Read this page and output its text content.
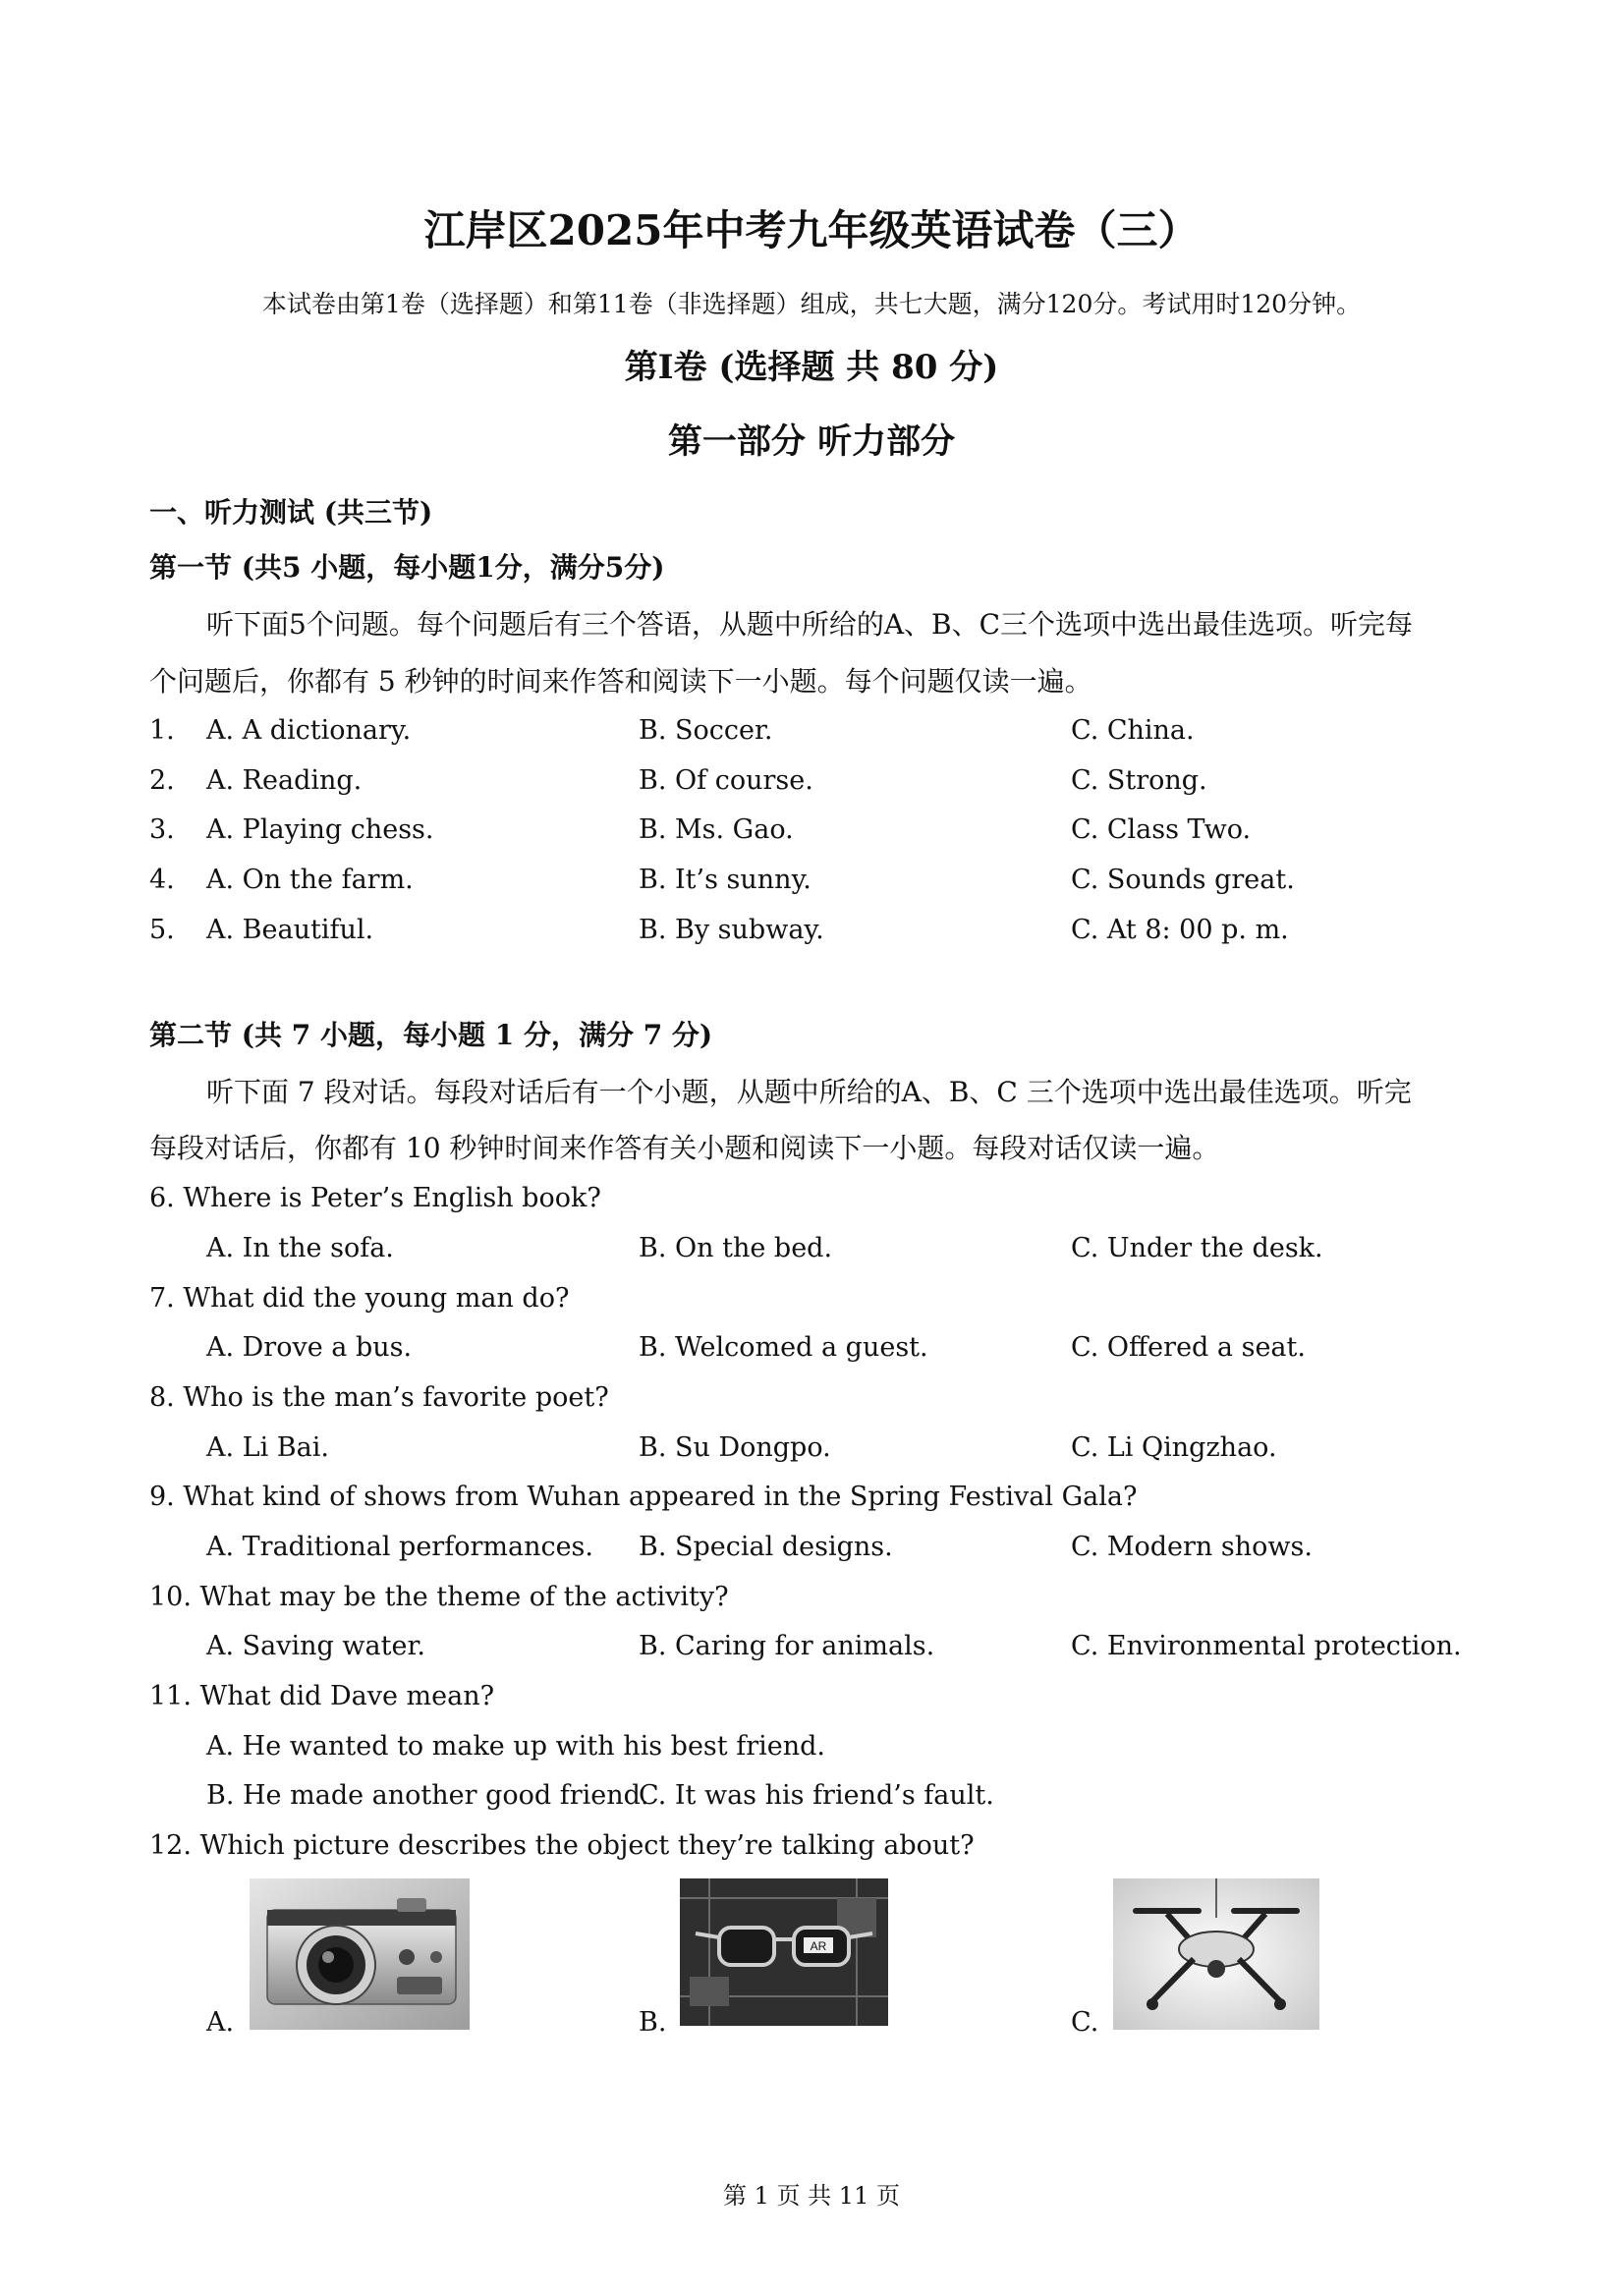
江岸区2025年中考九年级英语试卷（三）
本试卷由第1卷（选择题）和第11卷（非选择题）组成，共七大题，满分120分。考试用时120分钟。
第Ⅰ卷 (选择题 共 80 分)
第一部分 听力部分
一、听力测试 (共三节)
第一节 (共5 小题，每小题1分，满分5分)
听下面5个问题。每个问题后有三个答语，从题中所给的A、B、C三个选项中选出最佳选项。听完每
个问题后，你都有 5 秒钟的时间来作答和阅读下一小题。每个问题仅读一遍。
1. A. A dictionary.	B. Soccer.	C. China.
2. A. Reading.	B. Of course.	C. Strong.
3. A. Playing chess.	B. Ms. Gao.	C. Class Two.
4. A. On the farm.	B. It’s sunny.	C. Sounds great.
5. A. Beautiful.	B. By subway.	C. At 8: 00 p. m.
第二节 (共 7 小题，每小题 1 分，满分 7 分)
听下面 7 段对话。每段对话后有一个小题，从题中所给的A、B、C 三个选项中选出最佳选项。听完
每段对话后，你都有 10 秒钟时间来作答有关小题和阅读下一小题。每段对话仅读一遍。
6. Where is Peter’s English book?
A. In the sofa.	B. On the bed.	C. Under the desk.
7. What did the young man do?
A. Drove a bus.	B. Welcomed a guest.	C. Offered a seat.
8. Who is the man’s favorite poet?
A. Li Bai.	B. Su Dongpo.	C. Li Qingzhao.
9. What kind of shows from Wuhan appeared in the Spring Festival Gala?
A. Traditional performances. B. Special designs.	C. Modern shows.
10. What may be the theme of the activity?
A. Saving water.	B. Caring for animals.	C. Environmental protection.
11. What did Dave mean?
A. He wanted to make up with his best friend.
B. He made another good friend.
C. It was his friend’s fault.
12. Which picture describes the object they’re talking about?
A.	B.
AR
C.
第 1 页 共 11 页
